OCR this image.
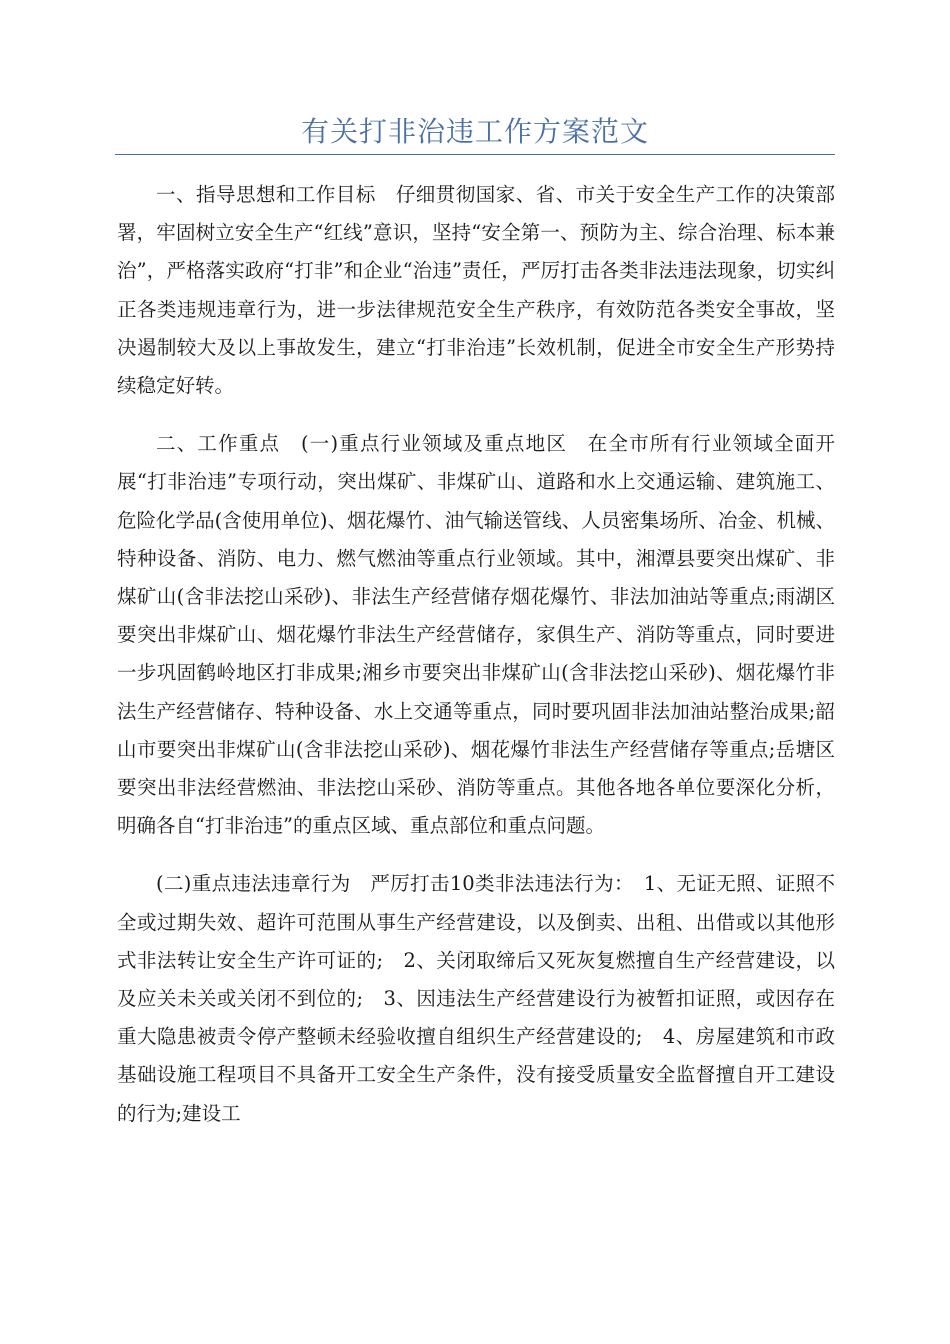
有关打非治违工作方案范文

一、指导思想和工作目标　仔细贯彻国家、省、市关于安全生产工作的决策部署，牢固树立安全生产“红线”意识，坚持“安全第一、预防为主、综合治理、标本兼治”，严格落实政府“打非”和企业“治违”责任，严厉打击各类非法违法现象，切实纠正各类违规违章行为，进一步法律规范安全生产秩序，有效防范各类安全事故，坚决遏制较大及以上事故发生，建立“打非治违”长效机制，促进全市安全生产形势持续稳定好转。

二、工作重点　(一)重点行业领域及重点地区　在全市所有行业领域全面开展“打非治违”专项行动，突出煤矿、非煤矿山、道路和水上交通运输、建筑施工、危险化学品(含使用单位)、烟花爆竹、油气输送管线、人员密集场所、冶金、机械、特种设备、消防、电力、燃气燃油等重点行业领域。其中，湘潭县要突出煤矿、非煤矿山(含非法挖山采砂)、非法生产经营储存烟花爆竹、非法加油站等重点;雨湖区要突出非煤矿山、烟花爆竹非法生产经营储存，家俱生产、消防等重点，同时要进一步巩固鹤岭地区打非成果;湘乡市要突出非煤矿山(含非法挖山采砂)、烟花爆竹非法生产经营储存、特种设备、水上交通等重点，同时要巩固非法加油站整治成果;韶山市要突出非煤矿山(含非法挖山采砂)、烟花爆竹非法生产经营储存等重点;岳塘区要突出非法经营燃油、非法挖山采砂、消防等重点。其他各地各单位要深化分析，明确各自“打非治违”的重点区域、重点部位和重点问题。

(二)重点违法违章行为　严厉打击10类非法违法行为：　1、无证无照、证照不全或过期失效、超许可范围从事生产经营建设，以及倒卖、出租、出借或以其他形式非法转让安全生产许可证的;　2、关闭取缔后又死灰复燃擅自生产经营建设，以及应关未关或关闭不到位的;　3、因违法生产经营建设行为被暂扣证照，或因存在重大隐患被责令停产整顿未经验收擅自组织生产经营建设的;　4、房屋建筑和市政基础设施工程项目不具备开工安全生产条件，没有接受质量安全监督擅自开工建设的行为;建设工
